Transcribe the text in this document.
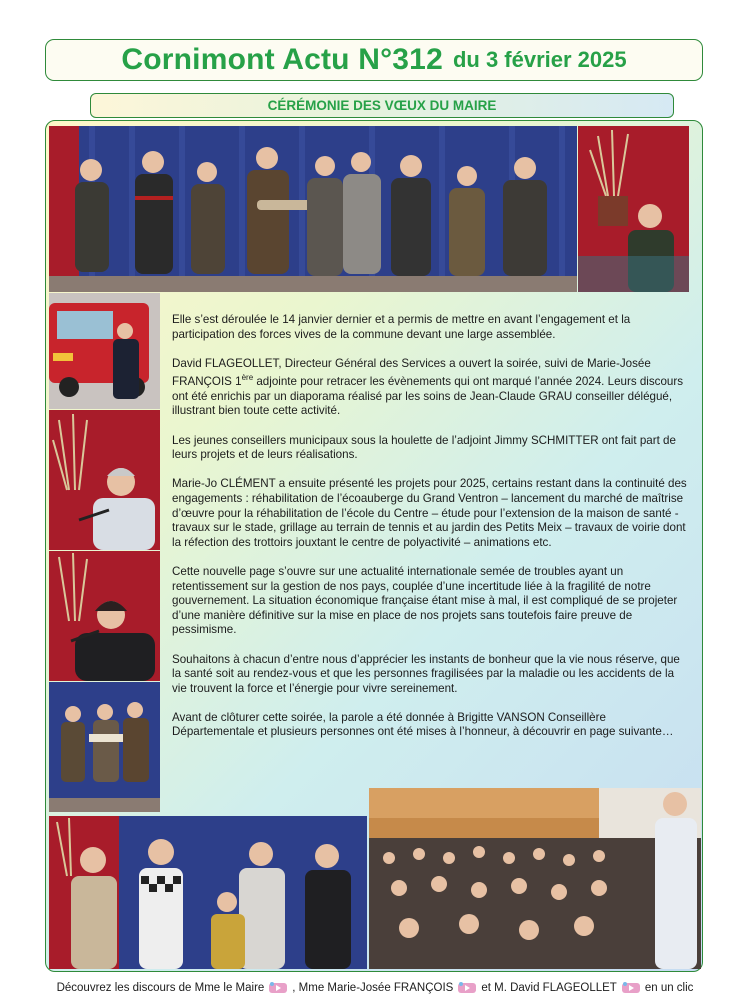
Cornimont Actu N°312 du 3 février 2025
CÉRÉMONIE DES VŒUX DU MAIRE

Elle s’est déroulée le 14 janvier dernier et a permis de mettre en avant l’engagement et la participation des forces vives de la commune devant une large assemblée.

David FLAGEOLLET, Directeur Général des Services a ouvert la soirée, suivi de Marie-Josée FRANÇOIS 1ère adjointe pour retracer les évènements qui ont marqué l’année 2024. Leurs discours ont été enrichis par un diaporama réalisé par les soins de Jean-Claude GRAU conseiller délégué, illustrant bien toute cette activité.

Les jeunes conseillers municipaux sous la houlette de l’adjoint Jimmy SCHMITTER ont fait part de leurs projets et de leurs réalisations.

Marie-Jo CLÉMENT a ensuite présenté les projets pour 2025, certains restant dans la continuité des engagements : réhabilitation de l’écoauberge du Grand Ventron – lancement du marché de maîtrise d’œuvre pour la réhabilitation de l’école du Centre – étude pour l’extension de la maison de santé - travaux sur le stade, grillage au terrain de tennis et au jardin des Petits Meix – travaux de voirie dont la réfection des trottoirs jouxtant le centre de polyactivité – animations etc.

Cette nouvelle page s’ouvre sur une actualité internationale semée de troubles ayant un retentissement sur la gestion de nos pays, couplée d’une incertitude liée à la fragilité de notre gouvernement. La situation économique française étant mise à mal, il est compliqué de se projeter d’une manière définitive sur la mise en place de nos projets sans toutefois faire preuve de pessimisme.

Souhaitons à chacun d’entre nous d’apprécier les instants de bonheur que la vie nous réserve, que la santé soit au rendez-vous et que les personnes fragilisées par la maladie ou les accidents de la vie trouvent la force et l’énergie pour vivre sereinement.

Avant de clôturer cette soirée, la parole a été donnée à Brigitte VANSON Conseillère Départementale et plusieurs personnes ont été mises à l’honneur, à découvrir en page suivante…

Découvrez les discours de Mme le Maire , Mme Marie-Josée FRANÇOIS et M. David FLAGEOLLET en un clic
